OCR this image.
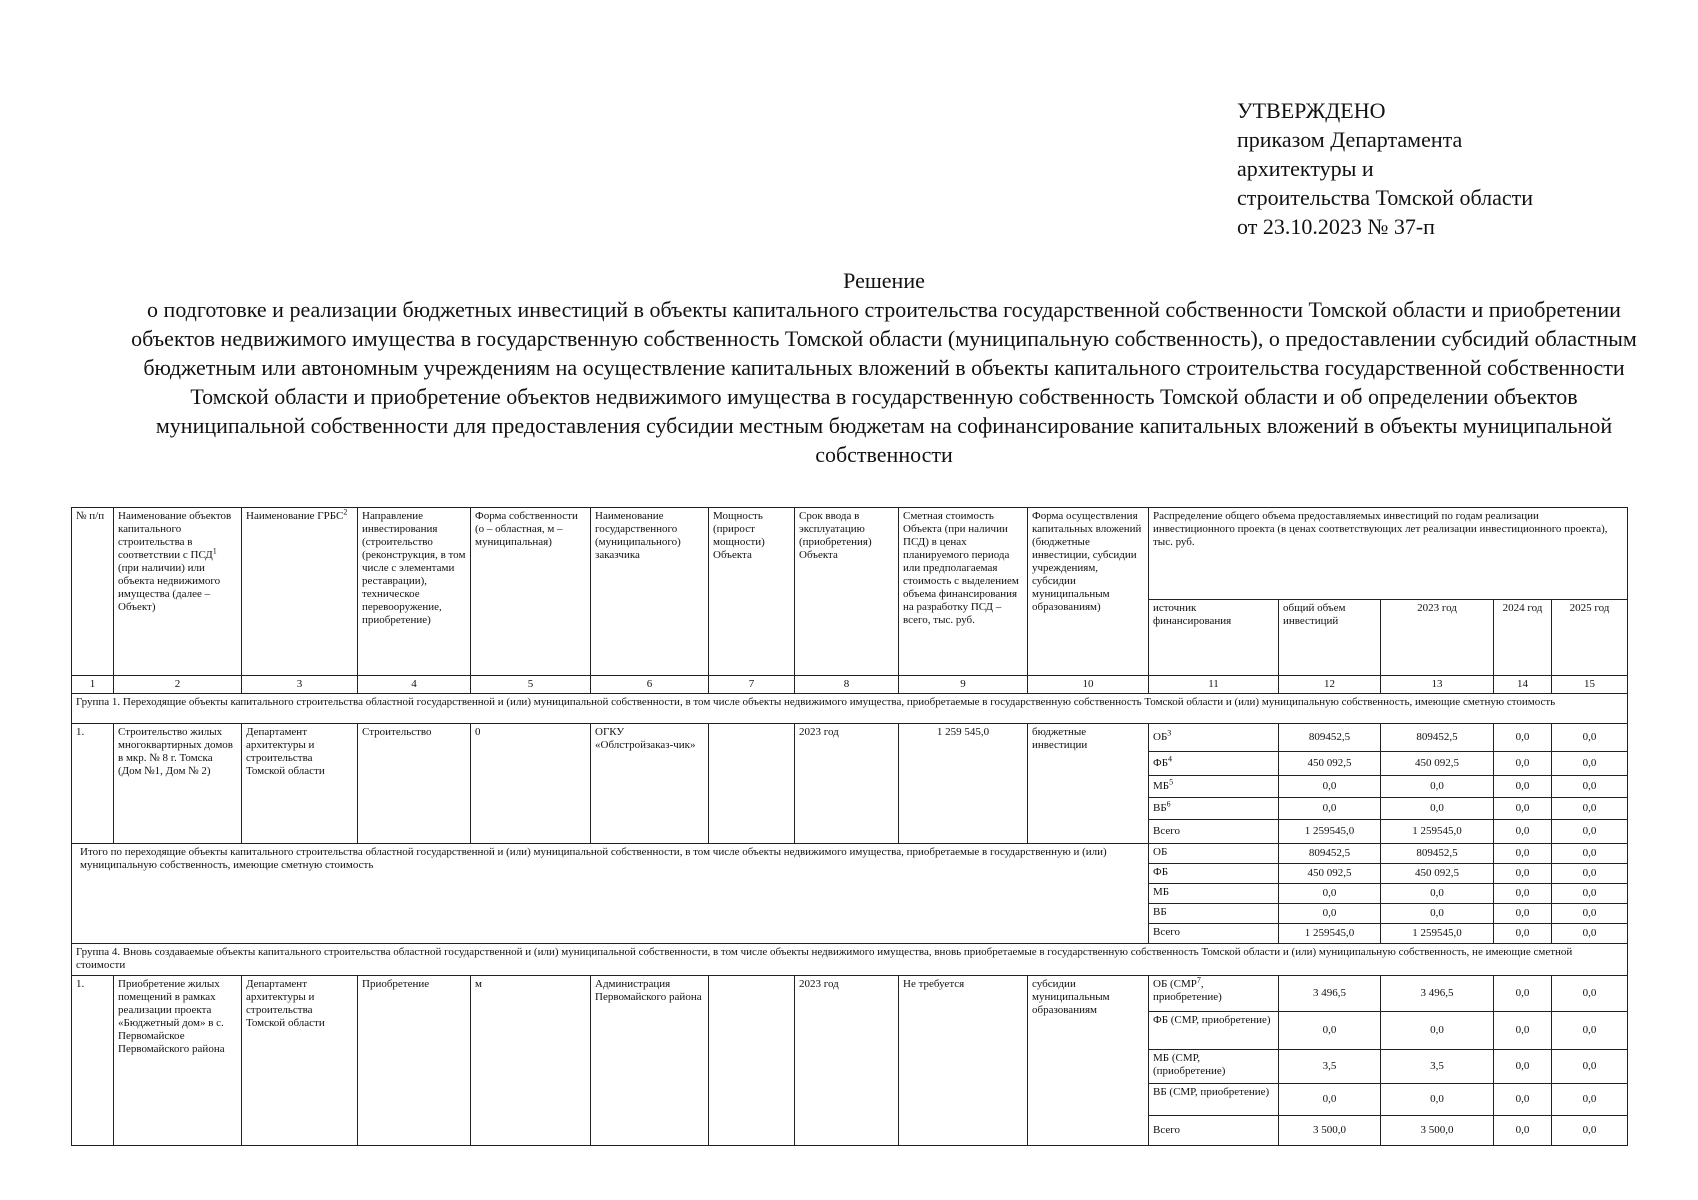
УТВЕРЖДЕНО
приказом Департамента
архитектуры и
строительства Томской области
от 23.10.2023 № 37-п
Решение
о подготовке и реализации бюджетных инвестиций в объекты капитального строительства государственной собственности Томской области и приобретении объектов недвижимого имущества в государственную собственность Томской области (муниципальную собственность), о предоставлении субсидий областным бюджетным или автономным учреждениям на осуществление капитальных вложений в объекты капитального строительства государственной собственности Томской области и приобретение объектов недвижимого имущества в государственную собственность Томской области и об определении объектов муниципальной собственности для предоставления субсидии местным бюджетам на софинансирование капитальных вложений в объекты муниципальной собственности
№ п/п	Наименование объектов капитального строительства в соответствии с ПСД$^1$ (при наличии) или объекта недвижимого имущества (далее – Объект)	Наименование ГРБС$^2$	Направление инвестирования (строительство (реконструкция, в том числе с элементами реставрации), техническое перевооружение, приобретение)	Форма собственности (о – областная, м – муниципальная)	Наименование государственного (муниципального) заказчика	Мощность (прирост мощности) Объекта	Срок ввода в эксплуатацию (приобретения) Объекта	Сметная стоимость Объекта (при наличии ПСД) в ценах планируемого периода или предполагаемая стоимость с выделением объема финансирования на разработку ПСД – всего, тыс. руб.	Форма осуществления капитальных вложений (бюджетные инвестиции, субсидии учреждениям, субсидии муниципальным образованиям)	Распределение общего объема предоставляемых инвестиций по годам реализации инвестиционного проекта (в ценах соответствующих лет реализации инвестиционного проекта), тыс. руб.				
										источник финансирования	общий объем инвестиций	2023 год	2024 год	2025 год
1	2	3	4	5	6	7	8	9	10	11	12	13	14	15
Группа 1. Переходящие объекты капитального строительства областной государственной и (или) муниципальной собственности, в том числе объекты недвижимого имущества, приобретаемые в государственную собственность Томской области и (или) муниципальную собственность, имеющие сметную стоимость														
1.	Строительство жилых многоквартирных домов в мкр. № 8 г. Томска (Дом №1, Дом № 2)	Департамент архитектуры и строительства Томской области	Строительство	0	ОГКУ «Облстройзаказ-чик»		2023 год	1 259 545,0	бюджетные инвестиции	$ОБ^3$	809452,5	809452,5	0,0	0,0
										$ФБ^4$	450 092,5	450 092,5	0,0	0,0
										$МБ^5$	0,0	0,0	0,0	0,0
										$ВБ^6$	0,0	0,0	0,0	0,0
										Всего	1 259545,0	1 259545,0	0,0	0,0
Итого по переходящие объекты капитального строительства областной государственной и (или) муниципальной собственности, в том числе объекты недвижимого имущества, приобретаемые в государственную и (или) муниципальную собственность, имеющие сметную стоимость										ОБ	809452,5	809452,5	0,0	0,0
										ФБ	450 092,5	450 092,5	0,0	0,0
										МБ	0,0	0,0	0,0	0,0
										ВБ	0,0	0,0	0,0	0,0
										Всего	1 259545,0	1 259545,0	0,0	0,0
Группа 4. Вновь создаваемые объекты капитального строительства областной государственной и (или) муниципальной собственности, в том числе объекты недвижимого имущества, вновь приобретаемые в государственную собственность Томской области и (или) муниципальную собственность, не имеющие сметной стоимости														
1.	Приобретение жилых помещений в рамках реализации проекта «Бюджетный дом» в с. Первомайское Первомайского района	Департамент архитектуры и строительства Томской области	Приобретение	м	Администрация Первомайского района		2023 год	Не требуется	субсидии муниципальным образованиям	ОБ (СМР$^7$, приобретение)	3 496,5	3 496,5	0,0	0,0
										ФБ (СМР, приобретение)	0,0	0,0	0,0	0,0
										МБ (СМР, (приобретение)	3,5	3,5	0,0	0,0
										ВБ (СМР, приобретение)	0,0	0,0	0,0	0,0
										Всего	3 500,0	3 500,0	0,0	0,0
